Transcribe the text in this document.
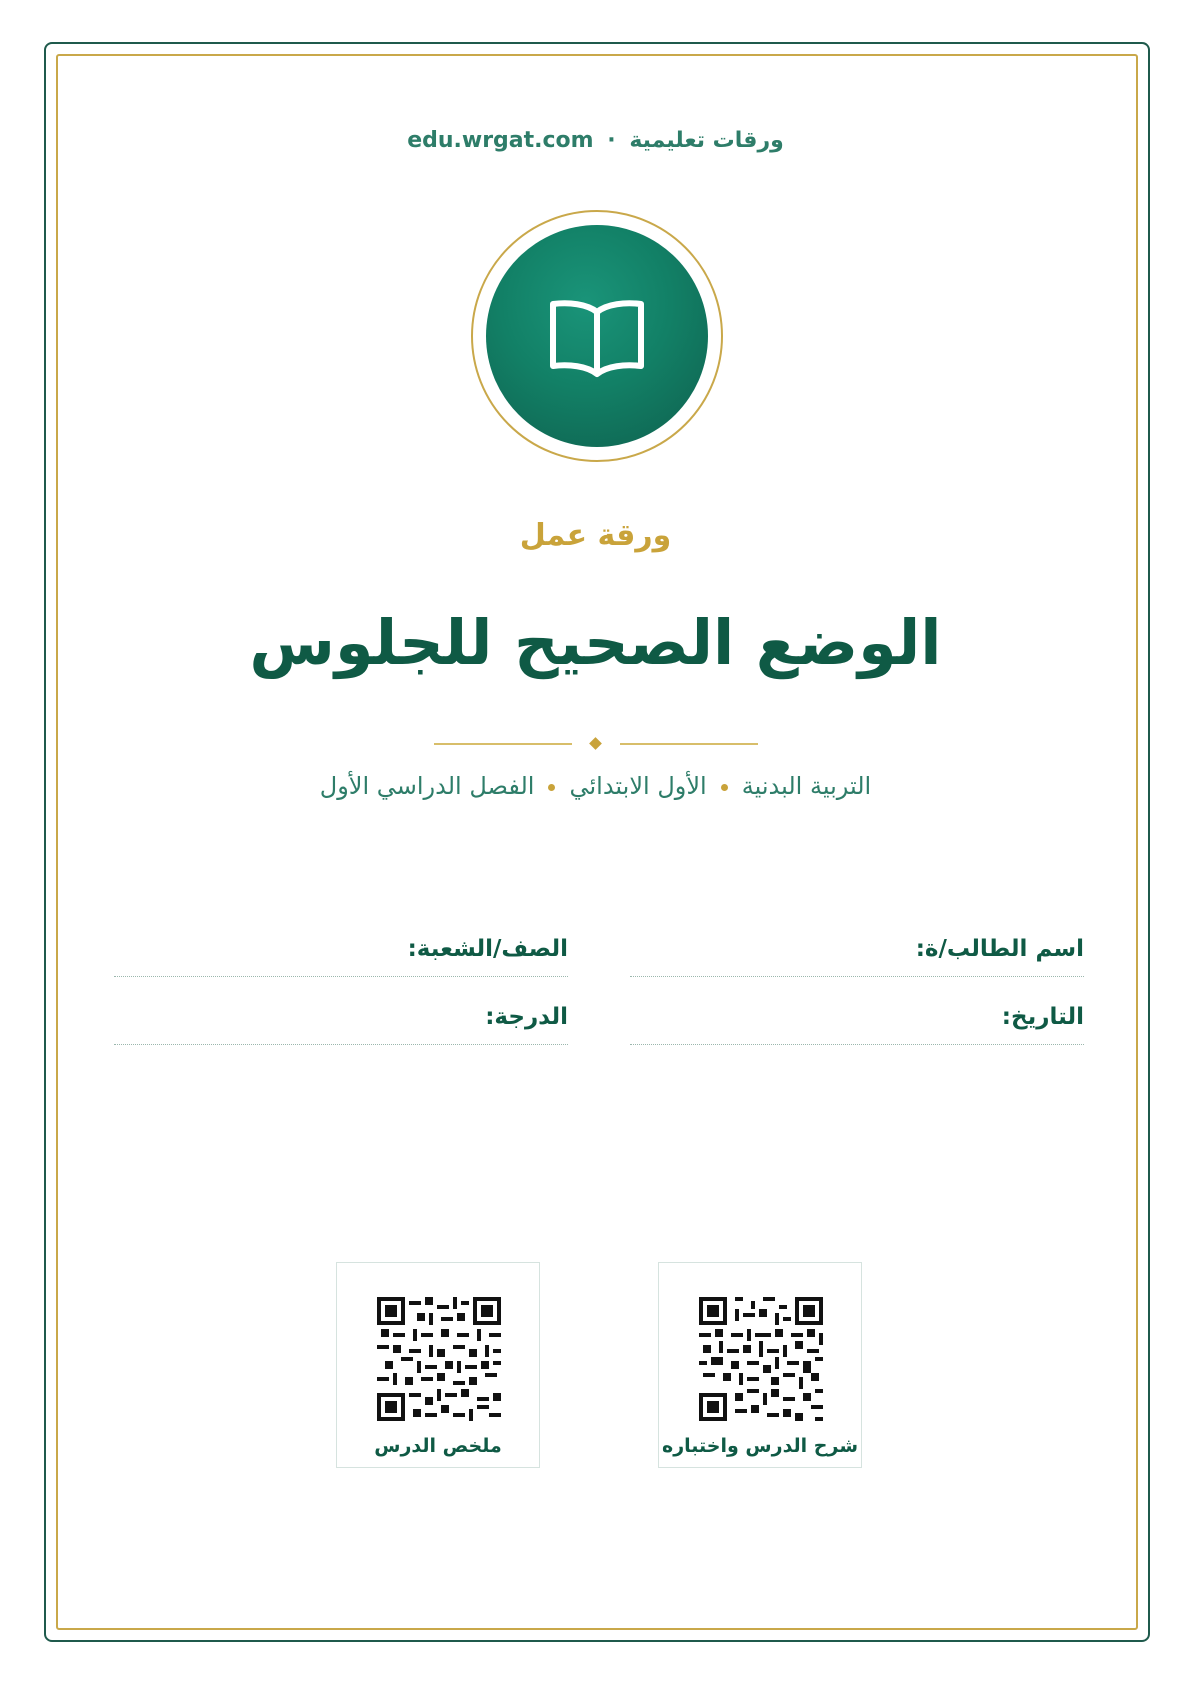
edu.wrgat.com · ورقات تعليمية
ورقة عمل
الوضع الصحيح للجلوس
التربية البدنيةالأول الابتدائيالفصل الدراسي الأول
اسم الطالب/ة:
الصف/الشعبة:
التاريخ:
الدرجة:
شرح الدرس واختباره
ملخص الدرس
